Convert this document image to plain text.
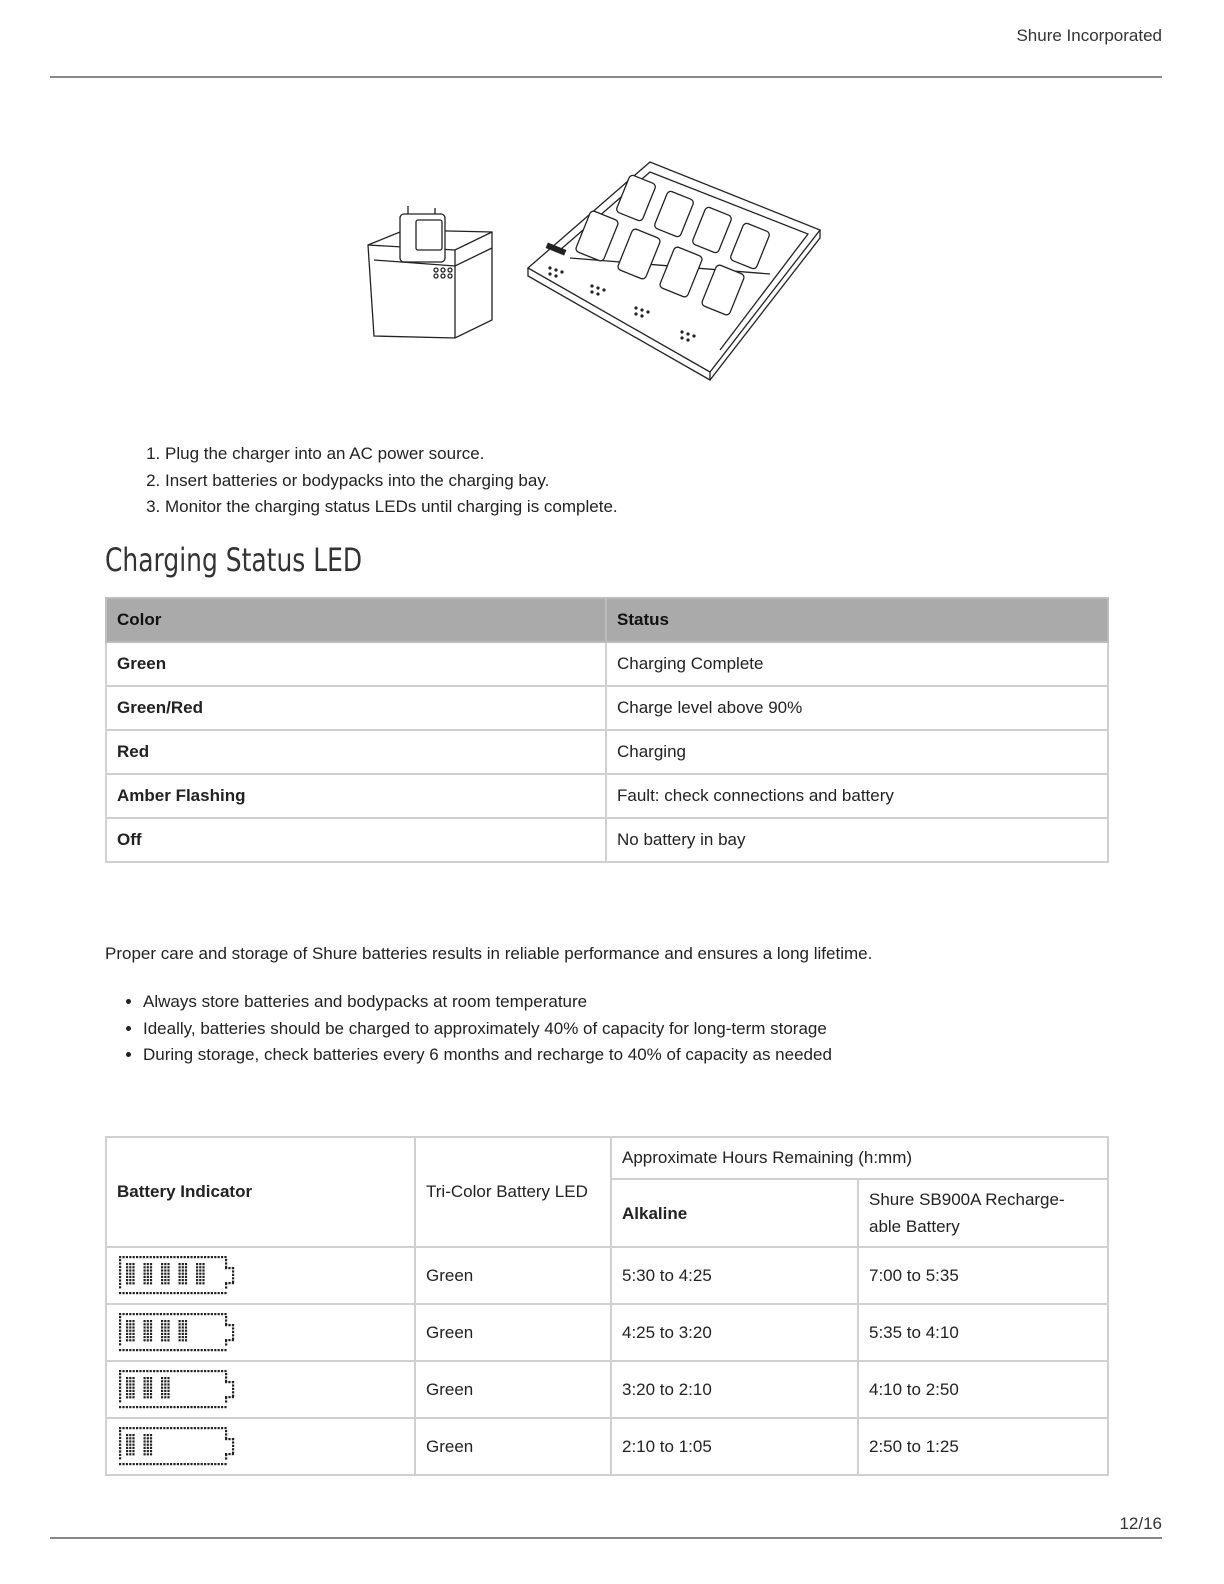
Shure Incorporated
1. Plug the charger into an AC power source.
2. Insert batteries or bodypacks into the charging bay.
3. Monitor the charging status LEDs until charging is complete.
Charging Status LED
Color	Status
Green	Charging Complete
Green/Red	Charge level above 90%
Red	Charging
Amber Flashing	Fault: check connections and battery
Off	No battery in bay

Proper care and storage of Shure batteries results in reliable performance and ensures a long lifetime.

• Always store batteries and bodypacks at room temperature
• Ideally, batteries should be charged to approximately 40% of capacity for long-term storage
• During storage, check batteries every 6 months and recharge to 40% of capacity as needed
Battery Indicator	Tri-Color Battery LED	Approximate Hours Remaining (h:mm)	
		Alkaline	Shure SB900A Recharge-
able Battery

	Green	5:30 to 4:25	7:00 to 5:35

	Green	4:25 to 3:20	5:35 to 4:10

	Green	3:20 to 2:10	4:10 to 2:50

	Green	2:10 to 1:05	2:50 to 1:25
12/16
